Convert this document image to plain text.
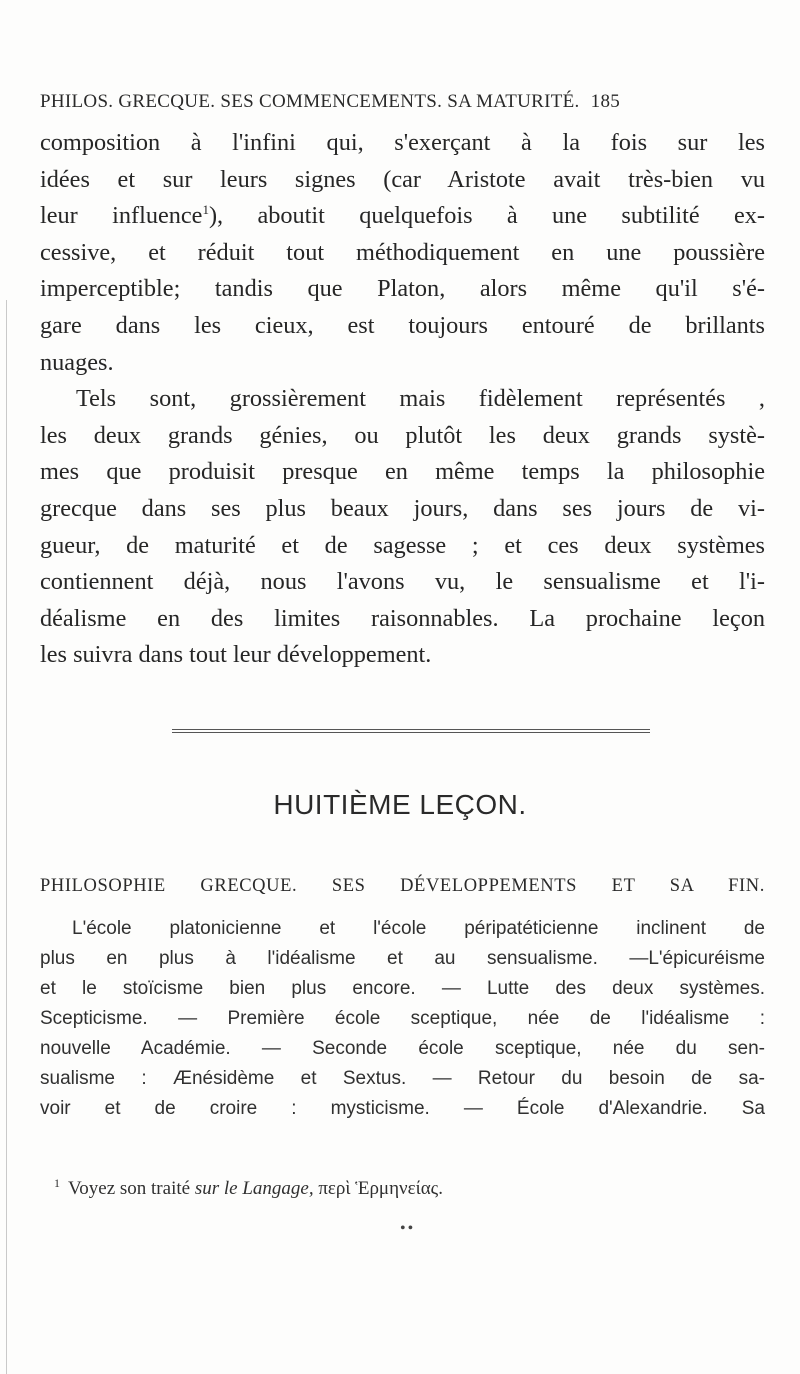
PHILOS. GRECQUE. SES COMMENCEMENTS. SA MATURITÉ. 185
composition à l'infini qui, s'exerçant à la fois sur les
idées et sur leurs signes (car Aristote avait très-bien vu
leur influence$^1$), aboutit quelquefois à une subtilité ex-
cessive, et réduit tout méthodiquement en une poussière
imperceptible; tandis que Platon, alors même qu'il s'é-
gare dans les cieux, est toujours entouré de brillants
nuages.
Tels sont, grossièrement mais fidèlement représentés ,
les deux grands génies, ou plutôt les deux grands systè-
mes que produisit presque en même temps la philosophie
grecque dans ses plus beaux jours, dans ses jours de vi-
gueur, de maturité et de sagesse ; et ces deux systèmes
contiennent déjà, nous l'avons vu, le sensualisme et l'i-
déalisme en des limites raisonnables. La prochaine leçon
les suivra dans tout leur développement.
HUITIÈME LEÇON.
PHILOSOPHIE GRECQUE. SES DÉVELOPPEMENTS ET SA FIN.
L'école platonicienne et l'école péripatéticienne inclinent de
plus en plus à l'idéalisme et au sensualisme. —L'épicuréisme
et le stoïcisme bien plus encore. — Lutte des deux systèmes.
Scepticisme. — Première école sceptique, née de l'idéalisme :
nouvelle Académie. — Seconde école sceptique, née du sen-
sualisme : Ænésidème et Sextus. — Retour du besoin de sa-
voir et de croire : mysticisme. — École d'Alexandrie. Sa
$^1$ Voyez son traité sur le Langage, περὶ Ἑρμηνείας.
••
